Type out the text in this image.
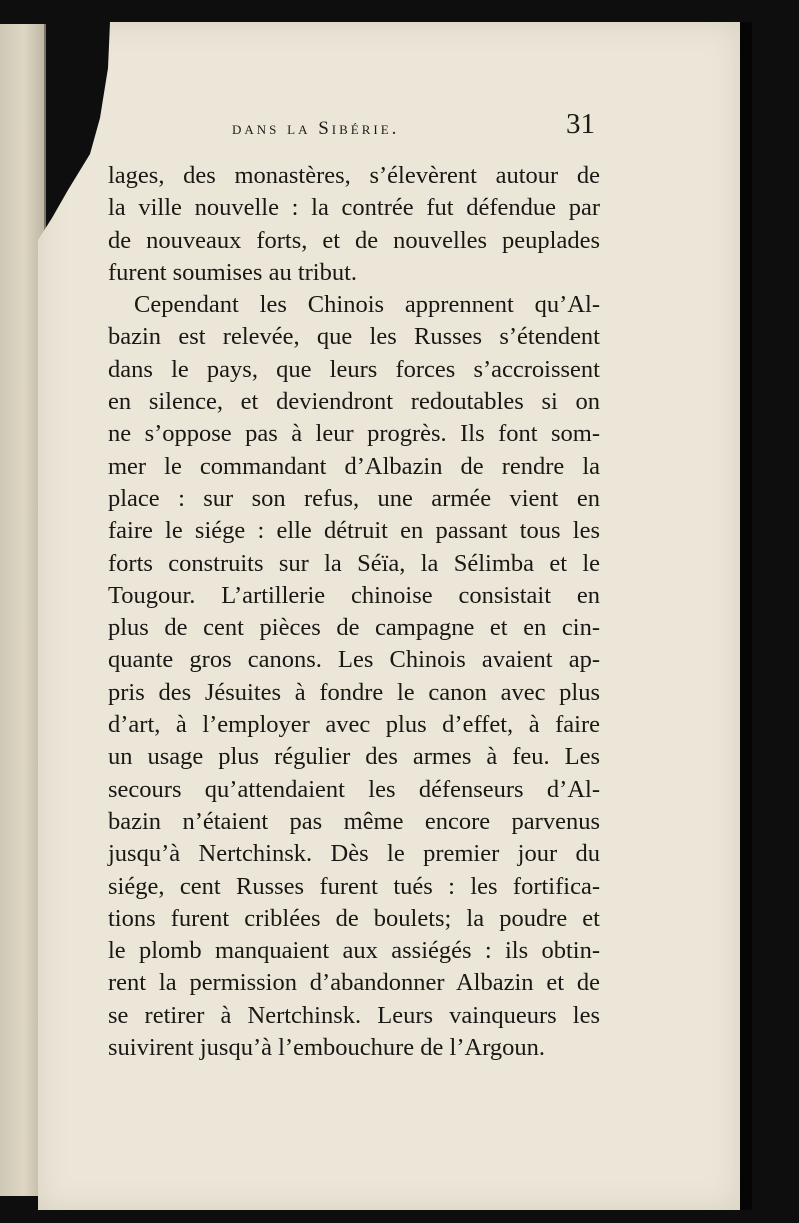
dans la Sibérie.	31
lages, des monastères, s’élevèrent autour de
la ville nouvelle : la contrée fut défendue par
de nouveaux forts, et de nouvelles peuplades
furent soumises au tribut.
Cependant les Chinois apprennent qu’Al-
bazin est relevée, que les Russes s’étendent
dans le pays, que leurs forces s’accroissent
en silence, et deviendront redoutables si on
ne s’oppose pas à leur progrès. Ils font som-
mer le commandant d’Albazin de rendre la
place : sur son refus, une armée vient en
faire le siége : elle détruit en passant tous les
forts construits sur la Séïa, la Sélimba et le
Tougour. L’artillerie chinoise consistait en
plus de cent pièces de campagne et en cin-
quante gros canons. Les Chinois avaient ap-
pris des Jésuites à fondre le canon avec plus
d’art, à l’employer avec plus d’effet, à faire
un usage plus régulier des armes à feu. Les
secours qu’attendaient les défenseurs d’Al-
bazin n’étaient pas même encore parvenus
jusqu’à Nertchinsk. Dès le premier jour du
siége, cent Russes furent tués : les fortifica-
tions furent criblées de boulets; la poudre et
le plomb manquaient aux assiégés : ils obtin-
rent la permission d’abandonner Albazin et de
se retirer à Nertchinsk. Leurs vainqueurs les
suivirent jusqu’à l’embouchure de l’Argoun.
